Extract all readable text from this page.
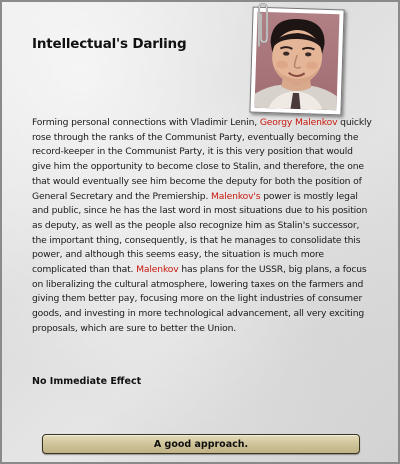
Intellectual's Darling

Forming personal connections with Vladimir Lenin, Georgy Malenkov quickly rose through the ranks of the Communist Party, eventually becoming the record-keeper in the Communist Party, it is this very position that would give him the opportunity to become close to Stalin, and therefore, the one that would eventually see him become the deputy for both the position of General Secretary and the Premiership. Malenkov's power is mostly legal and public, since he has the last word in most situations due to his position as deputy, as well as the people also recognize him as Stalin's successor, the important thing, consequently, is that he manages to consolidate this power, and although this seems easy, the situation is much more complicated than that. Malenkov has plans for the USSR, big plans, a focus on liberalizing the cultural atmosphere, lowering taxes on the farmers and giving them better pay, focusing more on the light industries of consumer goods, and investing in more technological advancement, all very exciting proposals, which are sure to better the Union.

No Immediate Effect
A good approach.
